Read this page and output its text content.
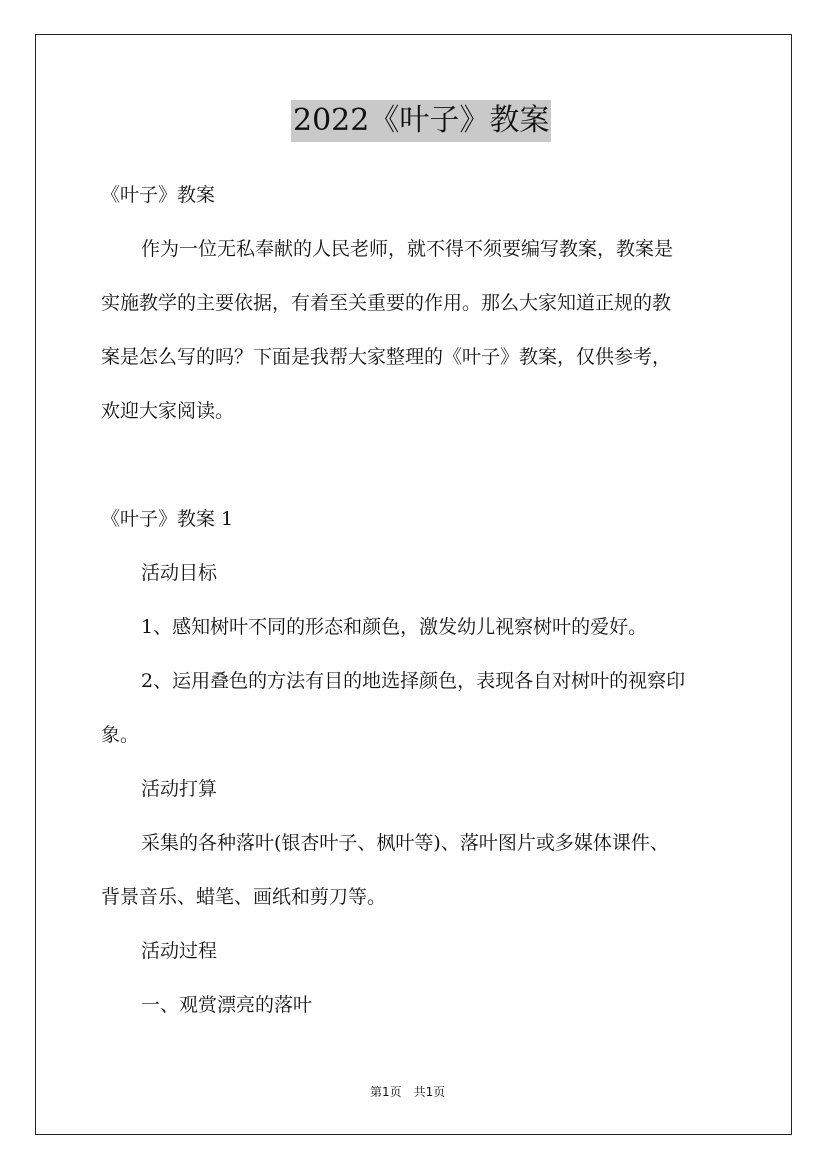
2022《叶子》教案
《叶子》教案
作为一位无私奉献的人民老师，就不得不须要编写教案，教案是
实施教学的主要依据，有着至关重要的作用。那么大家知道正规的教
案是怎么写的吗？下面是我帮大家整理的《叶子》教案，仅供参考，
欢迎大家阅读。
《叶子》教案 1
活动目标
1、感知树叶不同的形态和颜色，激发幼儿视察树叶的爱好。
2、运用叠色的方法有目的地选择颜色，表现各自对树叶的视察印
象。
活动打算
采集的各种落叶(银杏叶子、枫叶等)、落叶图片或多媒体课件、
背景音乐、蜡笔、画纸和剪刀等。
活动过程
一、观赏漂亮的落叶
第1页　共1页
